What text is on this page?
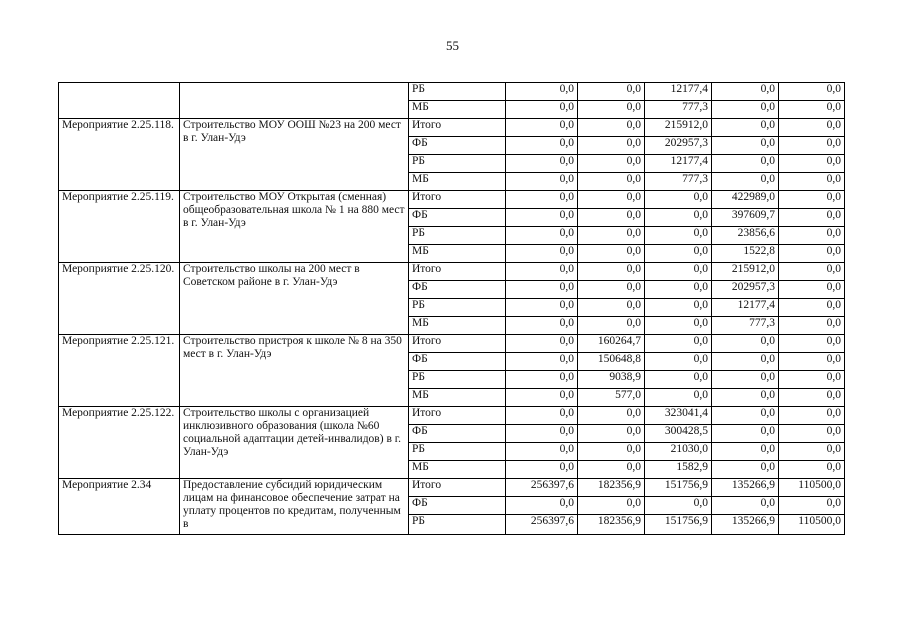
55
		РБ	0,0	0,0	12177,4	0,0	0,0
		МБ	0,0	0,0	777,3	0,0	0,0
Мероприятие 2.25.118.	Строительство МОУ ООШ №23 на 200 мест в г. Улан-Удэ	Итого	0,0	0,0	215912,0	0,0	0,0
		ФБ	0,0	0,0	202957,3	0,0	0,0
		РБ	0,0	0,0	12177,4	0,0	0,0
		МБ	0,0	0,0	777,3	0,0	0,0
Мероприятие 2.25.119.	Строительство МОУ Открытая (сменная) общеобразовательная школа № 1 на 880 мест в г. Улан-Удэ	Итого	0,0	0,0	0,0	422989,0	0,0
		ФБ	0,0	0,0	0,0	397609,7	0,0
		РБ	0,0	0,0	0,0	23856,6	0,0
		МБ	0,0	0,0	0,0	1522,8	0,0
Мероприятие 2.25.120.	Строительство школы на 200 мест в Советском районе в г. Улан-Удэ	Итого	0,0	0,0	0,0	215912,0	0,0
		ФБ	0,0	0,0	0,0	202957,3	0,0
		РБ	0,0	0,0	0,0	12177,4	0,0
		МБ	0,0	0,0	0,0	777,3	0,0
Мероприятие 2.25.121.	Строительство пристроя к школе № 8 на 350 мест в г. Улан-Удэ	Итого	0,0	160264,7	0,0	0,0	0,0
		ФБ	0,0	150648,8	0,0	0,0	0,0
		РБ	0,0	9038,9	0,0	0,0	0,0
		МБ	0,0	577,0	0,0	0,0	0,0
Мероприятие 2.25.122.	Строительство школы с организацией инклюзивного образования (школа №60 социальной адаптации детей-инвалидов) в г. Улан-Удэ	Итого	0,0	0,0	323041,4	0,0	0,0
		ФБ	0,0	0,0	300428,5	0,0	0,0
		РБ	0,0	0,0	21030,0	0,0	0,0
		МБ	0,0	0,0	1582,9	0,0	0,0
Мероприятие 2.34	Предоставление субсидий юридическим лицам на финансовое обеспечение затрат на уплату процентов по кредитам, полученным в	Итого	256397,6	182356,9	151756,9	135266,9	110500,0
		ФБ	0,0	0,0	0,0	0,0	0,0
		РБ	256397,6	182356,9	151756,9	135266,9	110500,0
